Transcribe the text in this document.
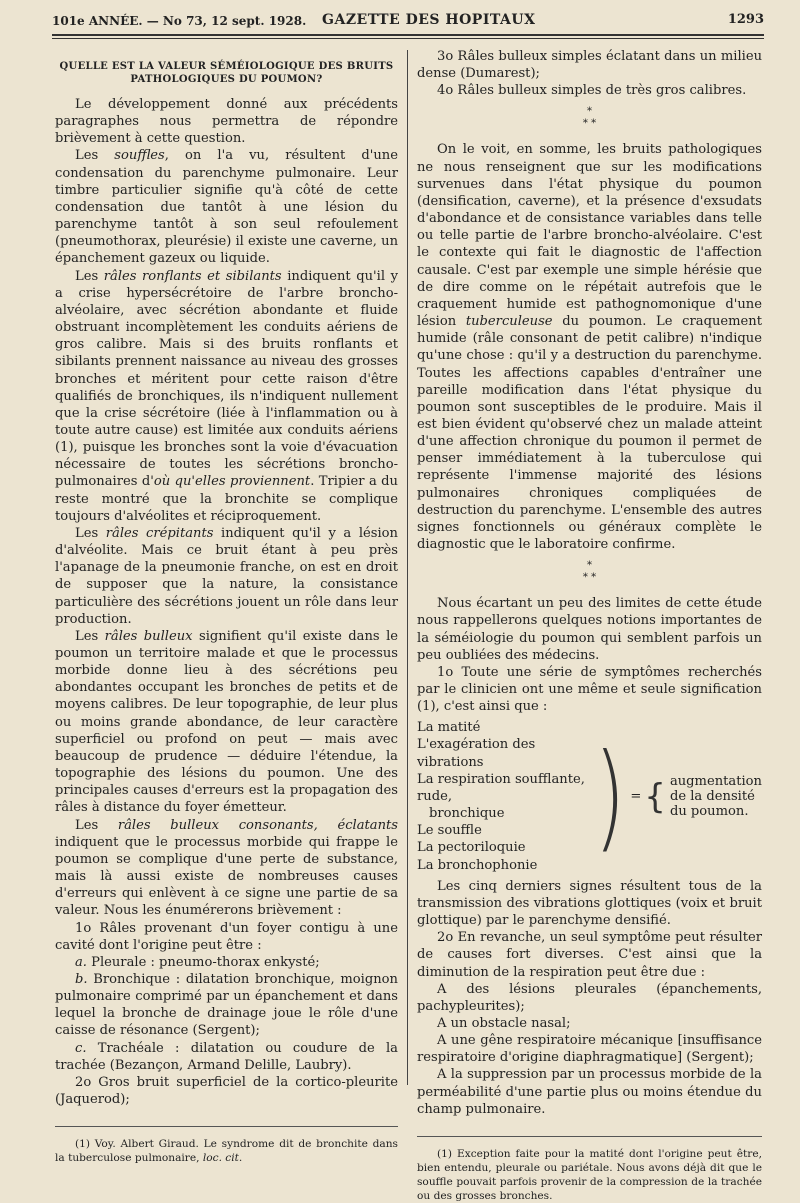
101e ANNÉE. — No 73, 12 sept. 1928. GAZETTE DES HOPITAUX	1293

QUELLE EST LA VALEUR SÉMÉIOLOGIQUE DES BRUITS
PATHOLOGIQUES DU POUMON?

Le développement donné aux précédents paragraphes nous permettra de répondre brièvement à cette question.

Les souffles, on l'a vu, résultent d'une condensation du parenchyme pulmonaire. Leur timbre particulier signifie qu'à côté de cette condensation due tantôt à une lésion du parenchyme tantôt à son seul refoulement (pneumothorax, pleurésie) il existe une caverne, un épanchement gazeux ou liquide.

Les râles ronflants et sibilants indiquent qu'il y a crise hypersécrétoire de l'arbre broncho-alvéolaire, avec sécrétion abondante et fluide obstruant incomplètement les conduits aériens de gros calibre. Mais si des bruits ronflants et sibilants prennent naissance au niveau des grosses bronches et méritent pour cette raison d'être qualifiés de bronchiques, ils n'indiquent nullement que la crise sécrétoire (liée à l'inflammation ou à toute autre cause) est limitée aux conduits aériens (1), puisque les bronches sont la voie d'évacuation nécessaire de toutes les sécrétions broncho-pulmonaires d'où qu'elles proviennent. Tripier a du reste montré que la bronchite se complique toujours d'alvéolites et réciproquement.

Les râles crépitants indiquent qu'il y a lésion d'alvéolite. Mais ce bruit étant à peu près l'apanage de la pneumonie franche, on est en droit de supposer que la nature, la consistance particulière des sécrétions jouent un rôle dans leur production.

Les râles bulleux signifient qu'il existe dans le poumon un territoire malade et que le processus morbide donne lieu à des sécrétions peu abondantes occupant les bronches de petits et de moyens calibres. De leur topographie, de leur plus ou moins grande abondance, de leur caractère superficiel ou profond on peut — mais avec beaucoup de prudence — déduire l'étendue, la topographie des lésions du poumon. Une des principales causes d'erreurs est la propagation des râles à distance du foyer émetteur.

Les râles bulleux consonants, éclatants indiquent que le processus morbide qui frappe le poumon se complique d'une perte de substance, mais là aussi existe de nombreuses causes d'erreurs qui enlèvent à ce signe une partie de sa valeur. Nous les énumérerons brièvement :

1o Râles provenant d'un foyer contigu à une cavité dont l'origine peut être :

a. Pleurale : pneumo-thorax enkysté;

b. Bronchique : dilatation bronchique, moignon pulmonaire comprimé par un épanchement et dans lequel la bronche de drainage joue le rôle d'une caisse de résonance (Sergent);

c. Trachéale : dilatation ou coudure de la trachée (Bezançon, Armand Delille, Laubry).

2o Gros bruit superficiel de la cortico-pleurite (Jaquerod);

(1) Voy. Albert Giraud. Le syndrome dit de bronchite dans la tuberculose pulmonaire, loc. cit.

3o Râles bulleux simples éclatant dans un milieu dense (Dumarest);

4o Râles bulleux simples de très gros calibres.

*
* *

On le voit, en somme, les bruits pathologiques ne nous renseignent que sur les modifications survenues dans l'état physique du poumon (densification, caverne), et la présence d'exsudats d'abondance et de consistance variables dans telle ou telle partie de l'arbre broncho-alvéolaire. C'est le contexte qui fait le diagnostic de l'affection causale. C'est par exemple une simple hérésie que de dire comme on le répétait autrefois que le craquement humide est pathognomonique d'une lésion tuberculeuse du poumon. Le craquement humide (râle consonant de petit calibre) n'indique qu'une chose : qu'il y a destruction du parenchyme. Toutes les affections capables d'entraîner une pareille modification dans l'état physique du poumon sont susceptibles de le produire. Mais il est bien évident qu'observé chez un malade atteint d'une affection chronique du poumon il permet de penser immédiatement à la tuberculose qui représente l'immense majorité des lésions pulmonaires chroniques compliquées de destruction du parenchyme. L'ensemble des autres signes fonctionnels ou généraux complète le diagnostic que le laboratoire confirme.

*
* *

Nous écartant un peu des limites de cette étude nous rappellerons quelques notions importantes de la séméiologie du poumon qui semblent parfois un peu oubliées des médecins.

1o Toute une série de symptômes recherchés par le clinicien ont une même et seule signification (1), c'est ainsi que :

La matité
L'exagération des vibrations
La respiration soufflante, rude,
bronchique
Le souffle
La pectoriloquie
La bronchophonie
) = { augmentation
de la densité
du poumon.

Les cinq derniers signes résultent tous de la transmission des vibrations glottiques (voix et bruit glottique) par le parenchyme densifié.

2o En revanche, un seul symptôme peut résulter de causes fort diverses. C'est ainsi que la diminution de la respiration peut être due :

A des lésions pleurales (épanchements, pachypleurites);

A un obstacle nasal;

A une gêne respiratoire mécanique [insuffisance respiratoire d'origine diaphragmatique] (Sergent);

A la suppression par un processus morbide de la perméabilité d'une partie plus ou moins étendue du champ pulmonaire.

(1) Exception faite pour la matité dont l'origine peut être, bien entendu, pleurale ou pariétale. Nous avons déjà dit que le souffle pouvait parfois provenir de la compression de la trachée ou des grosses bronches.
